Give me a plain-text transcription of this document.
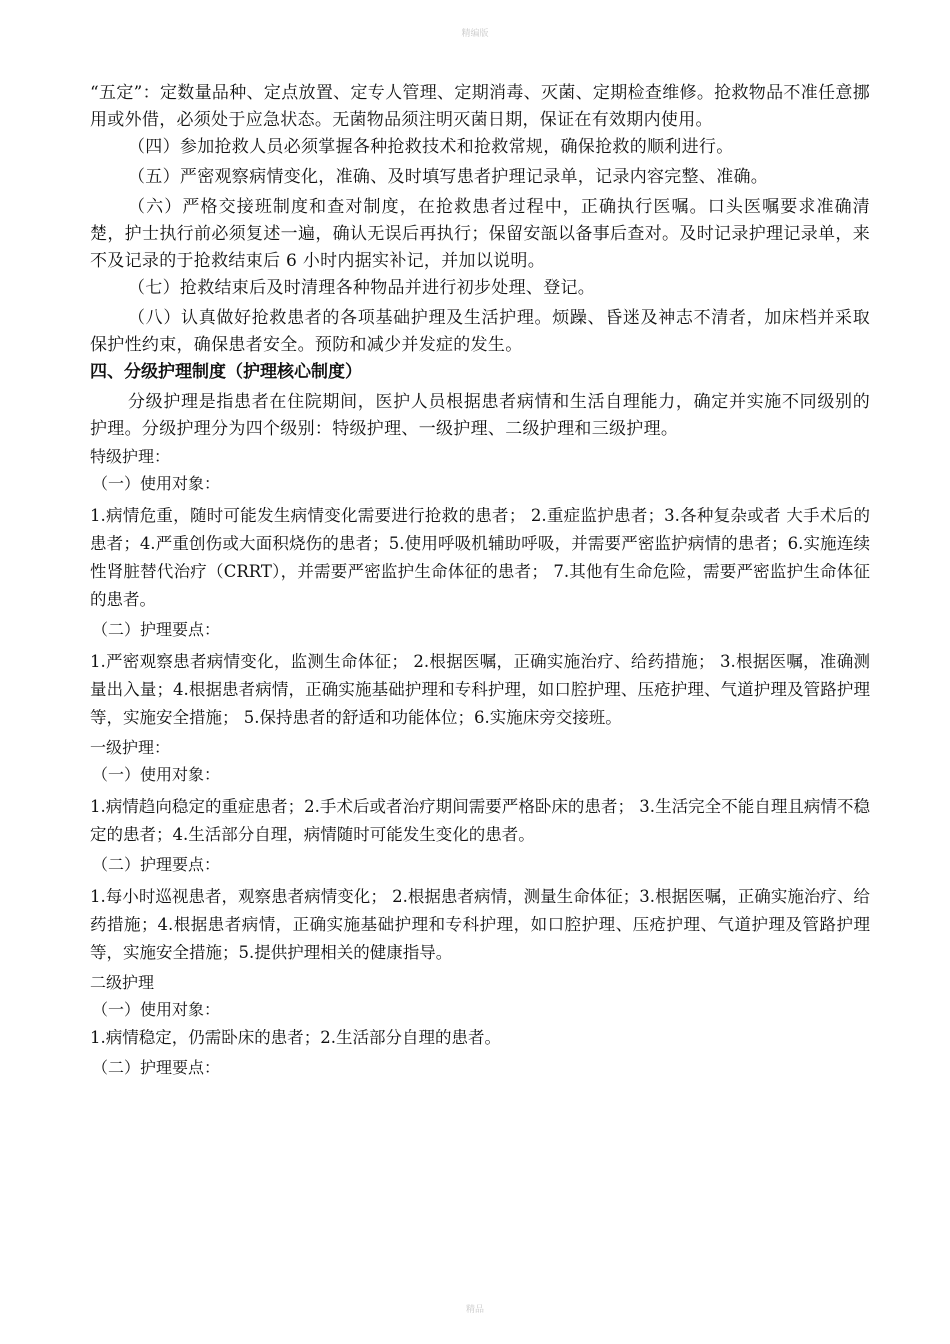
精编版

“五定”：定数量品种、定点放置、定专人管理、定期消毒、灭菌、定期检查维修。抢救物品不准任意挪用或外借，必须处于应急状态。无菌物品须注明灭菌日期，保证在有效期内使用。

（四）参加抢救人员必须掌握各种抢救技术和抢救常规，确保抢救的顺利进行。

（五）严密观察病情变化，准确、及时填写患者护理记录单，记录内容完整、准确。

（六）严格交接班制度和查对制度，在抢救患者过程中，正确执行医嘱。口头医嘱要求准确清楚，护士执行前必须复述一遍，确认无误后再执行；保留安瓿以备事后查对。及时记录护理记录单，来不及记录的于抢救结束后 6 小时内据实补记，并加以说明。

（七）抢救结束后及时清理各种物品并进行初步处理、登记。

（八）认真做好抢救患者的各项基础护理及生活护理。烦躁、昏迷及神志不清者，加床档并采取保护性约束，确保患者安全。预防和减少并发症的发生。

四、分级护理制度（护理核心制度）

分级护理是指患者在住院期间，医护人员根据患者病情和生活自理能力，确定并实施不同级别的护理。分级护理分为四个级别：特级护理、一级护理、二级护理和三级护理。

特级护理：

（一）使用对象：

1.病情危重，随时可能发生病情变化需要进行抢救的患者； 2.重症监护患者；3.各种复杂或者 大手术后的患者；4.严重创伤或大面积烧伤的患者；5.使用呼吸机辅助呼吸，并需要严密监护病情的患者；6.实施连续性肾脏替代治疗（CRRT），并需要严密监护生命体征的患者； 7.其他有生命危险，需要严密监护生命体征的患者。

（二）护理要点：

1.严密观察患者病情变化，监测生命体征； 2.根据医嘱，正确实施治疗、给药措施； 3.根据医嘱，准确测量出入量；4.根据患者病情，正确实施基础护理和专科护理，如口腔护理、压疮护理、气道护理及管路护理等，实施安全措施； 5.保持患者的舒适和功能体位；6.实施床旁交接班。

一级护理：

（一）使用对象：

1.病情趋向稳定的重症患者；2.手术后或者治疗期间需要严格卧床的患者； 3.生活完全不能自理且病情不稳定的患者；4.生活部分自理，病情随时可能发生变化的患者。

（二）护理要点：

1.每小时巡视患者，观察患者病情变化； 2.根据患者病情，测量生命体征；3.根据医嘱，正确实施治疗、给药措施；4.根据患者病情，正确实施基础护理和专科护理，如口腔护理、压疮护理、气道护理及管路护理等，实施安全措施；5.提供护理相关的健康指导。

二级护理

（一）使用对象：

1.病情稳定，仍需卧床的患者；2.生活部分自理的患者。

（二）护理要点：

精品
